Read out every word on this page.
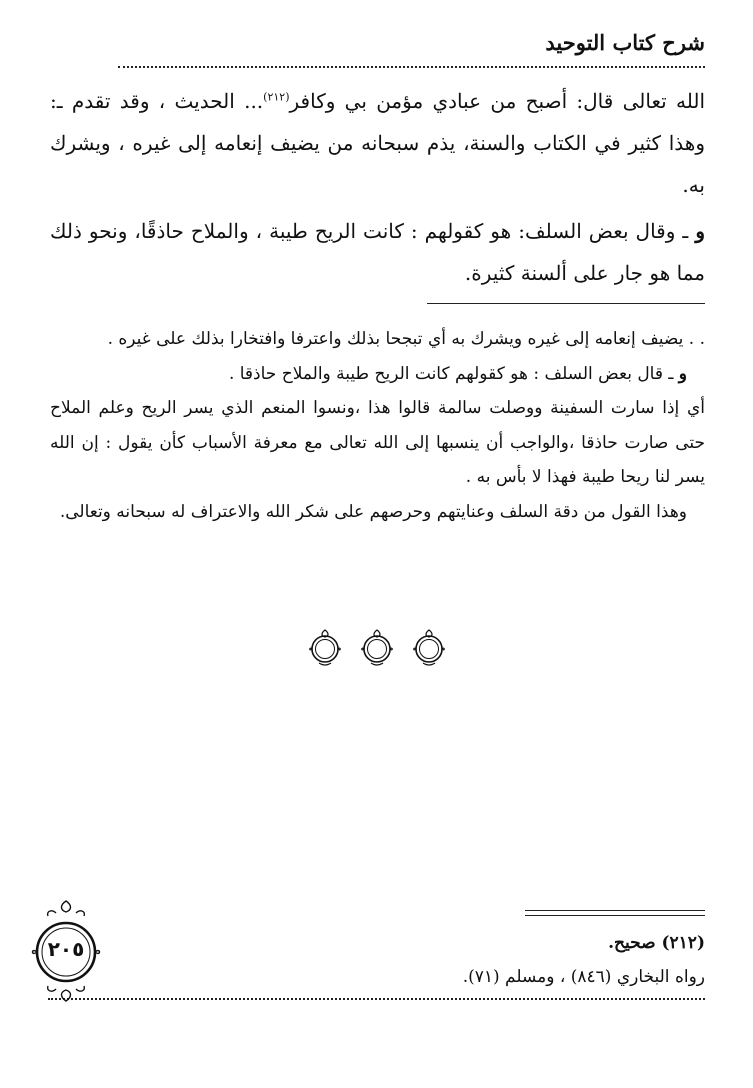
شرح كتاب التوحيد

الله تعالى قال: أصبح من عبادي مؤمن بي وكافر$^{(٢١٢)}$... الحديث ، وقد تقدم ـ: وهذا كثير في الكتاب والسنة، يذم سبحانه من يضيف إنعامه إلى غيره ، ويشرك به.

و ـ وقال بعض السلف: هو كقولهم : كانت الريح طيبة ، والملاح حاذقًا، ونحو ذلك مما هو جار على ألسنة كثيرة.

. . يضيف إنعامه إلى غيره ويشرك به أي تبجحا بذلك واعترفا وافتخارا بذلك على غيره .

و ـ قال بعض السلف : هو كقولهم كانت الريح طيبة والملاح حاذقا .

أي إذا سارت السفينة ووصلت سالمة قالوا هذا ،ونسوا المنعم الذي يسر الريح وعلم الملاح حتى صارت حاذقا ،والواجب أن ينسبها إلى الله تعالى مع معرفة الأسباب كأن يقول : إن الله يسر لنا ريحا طيبة فهذا لا بأس به .

وهذا القول من دقة السلف وعنايتهم وحرصهم على شكر الله والاعتراف له سبحانه وتعالى.

(٢١٢) صحيح.

رواه البخاري (٨٤٦) ، ومسلم (٧١).

٢٠٥
